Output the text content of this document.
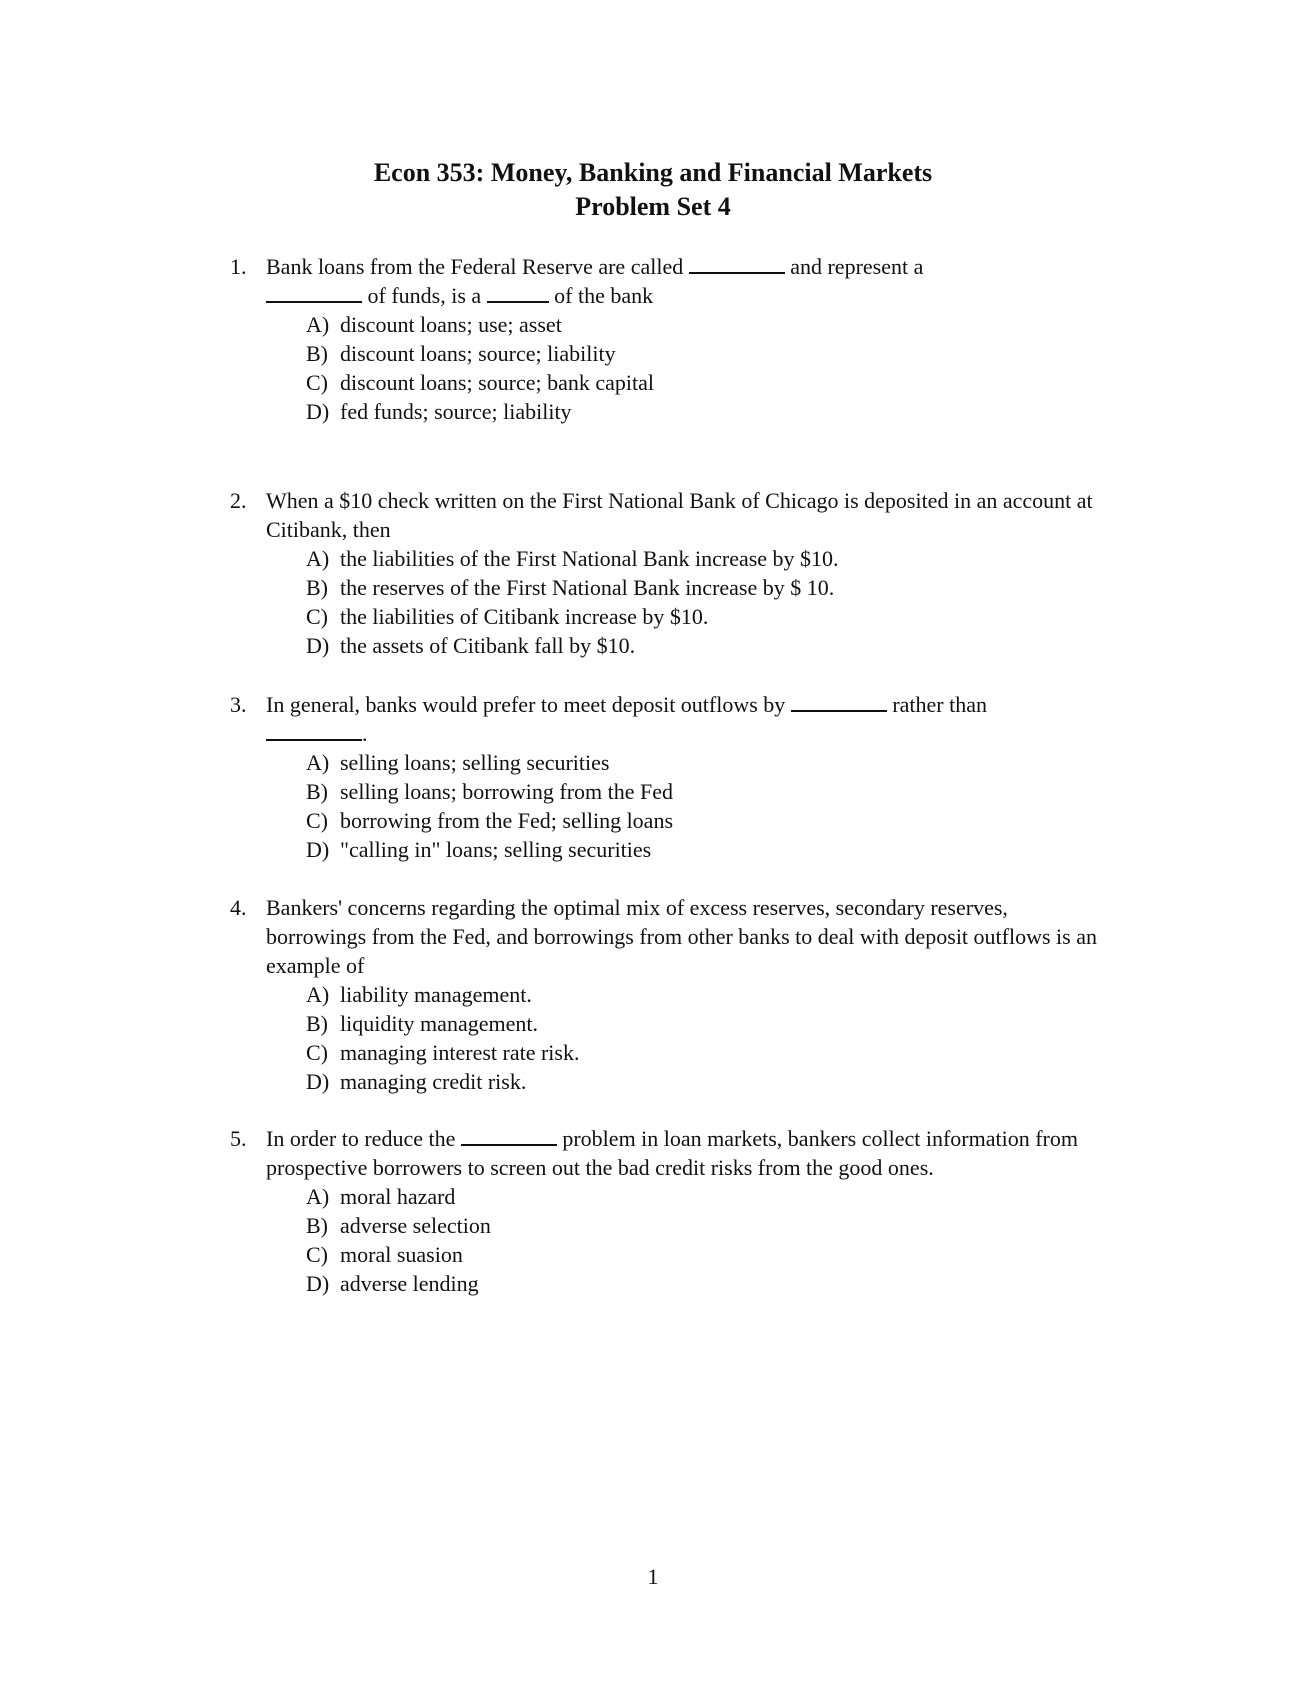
Econ 353: Money, Banking and Financial Markets
Problem Set 4
1. Bank loans from the Federal Reserve are called	and represent a
of funds, is a	of the bank
A) discount loans; use; asset
B) discount loans; source; liability
C) discount loans; source; bank capital
D) fed funds; source; liability
2. When a $10 check written on the First National Bank of Chicago is deposited in an account at Citibank, then
A) the liabilities of the First National Bank increase by $10.
B) the reserves of the First National Bank increase by $ 10.
C) the liabilities of Citibank increase by $10.
D) the assets of Citibank fall by $10.
3. In general, banks would prefer to meet deposit outflows by	rather than
.
A) selling loans; selling securities
B) selling loans; borrowing from the Fed
C) borrowing from the Fed; selling loans
D) "calling in" loans; selling securities
4. Bankers' concerns regarding the optimal mix of excess reserves, secondary reserves, borrowings from the Fed, and borrowings from other banks to deal with deposit outflows is an example of
A) liability management.
B) liquidity management.
C) managing interest rate risk.
D) managing credit risk.
5. In order to reduce the	problem in loan markets, bankers collect information from prospective borrowers to screen out the bad credit risks from the good ones.
A) moral hazard
B) adverse selection
C) moral suasion
D) adverse lending
1
